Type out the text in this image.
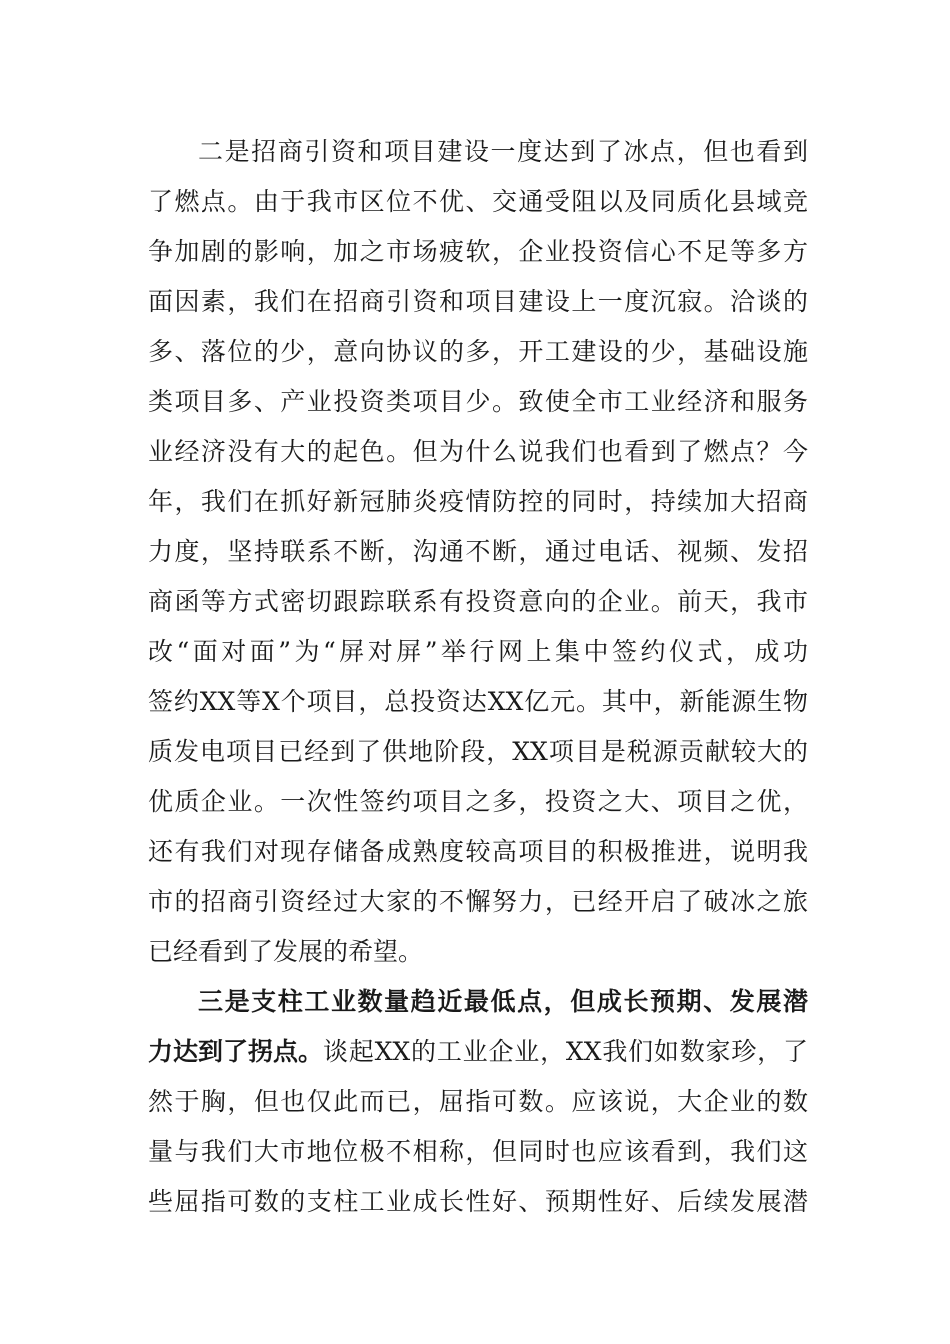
二是招商引资和项目建设一度达到了冰点，但也看到
了燃点。由于我市区位不优、交通受阻以及同质化县域竞
争加剧的影响，加之市场疲软，企业投资信心不足等多方
面因素，我们在招商引资和项目建设上一度沉寂。洽谈的
多、落位的少，意向协议的多，开工建设的少，基础设施
类项目多、产业投资类项目少。致使全市工业经济和服务
业经济没有大的起色。但为什么说我们也看到了燃点？今
年，我们在抓好新冠肺炎疫情防控的同时，持续加大招商
力度，坚持联系不断，沟通不断，通过电话、视频、发招
商函等方式密切跟踪联系有投资意向的企业。前天，我市
改“面对面”为“屏对屏”举行网上集中签约仪式，成功
签约XX等X个项目，总投资达XX亿元。其中，新能源生物
质发电项目已经到了供地阶段，XX项目是税源贡献较大的
优质企业。一次性签约项目之多，投资之大、项目之优，
还有我们对现存储备成熟度较高项目的积极推进，说明我
市的招商引资经过大家的不懈努力，已经开启了破冰之旅
已经看到了发展的希望。
三是支柱工业数量趋近最低点，但成长预期、发展潜
力达到了拐点。 谈起XX的工业企业，XX我们如数家珍，了
然于胸，但也仅此而已，屈指可数。应该说，大企业的数
量与我们大市地位极不相称，但同时也应该看到，我们这
些屈指可数的支柱工业成长性好、预期性好、后续发展潜
